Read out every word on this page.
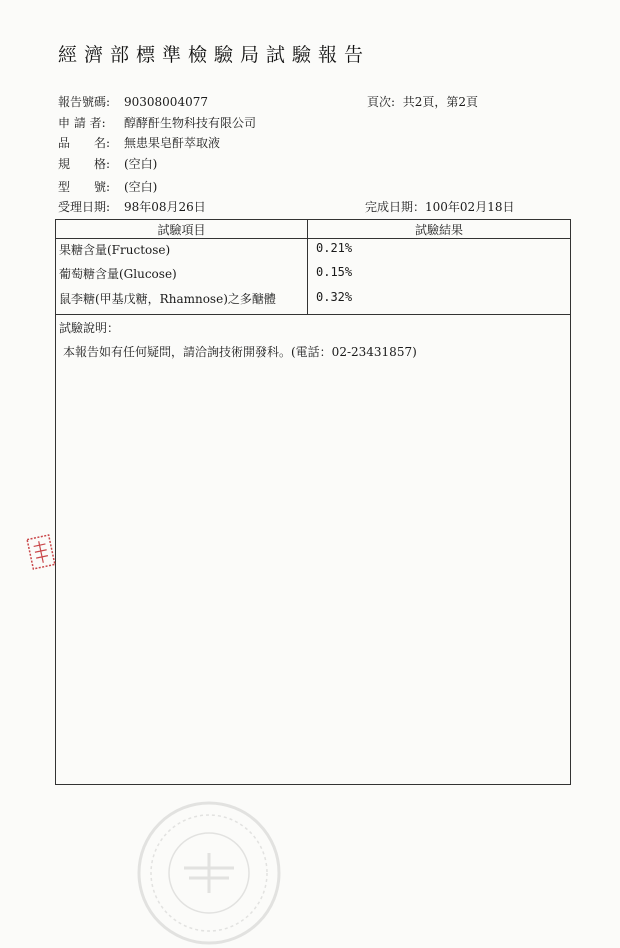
經濟部標準檢驗局試驗報告
報告號碼: 90308004077	頁次: 共2頁，第2頁
申 請 者: 醇酵酐生物科技有限公司
品　　名: 無患果皂酐萃取液
規　　格: (空白)
型　　號: (空白)
受理日期: 98年08月26日	完成日期：100年02月18日
試驗項目	試驗結果
果糖含量(Fructose)	0.21%
葡萄糖含量(Glucose)	0.15%
鼠李糖(甲基戊糖，Rhamnose)之多醣體	0.32%
試驗說明：
本報告如有任何疑問，請洽詢技術開發科。(電話：02-23431857)
